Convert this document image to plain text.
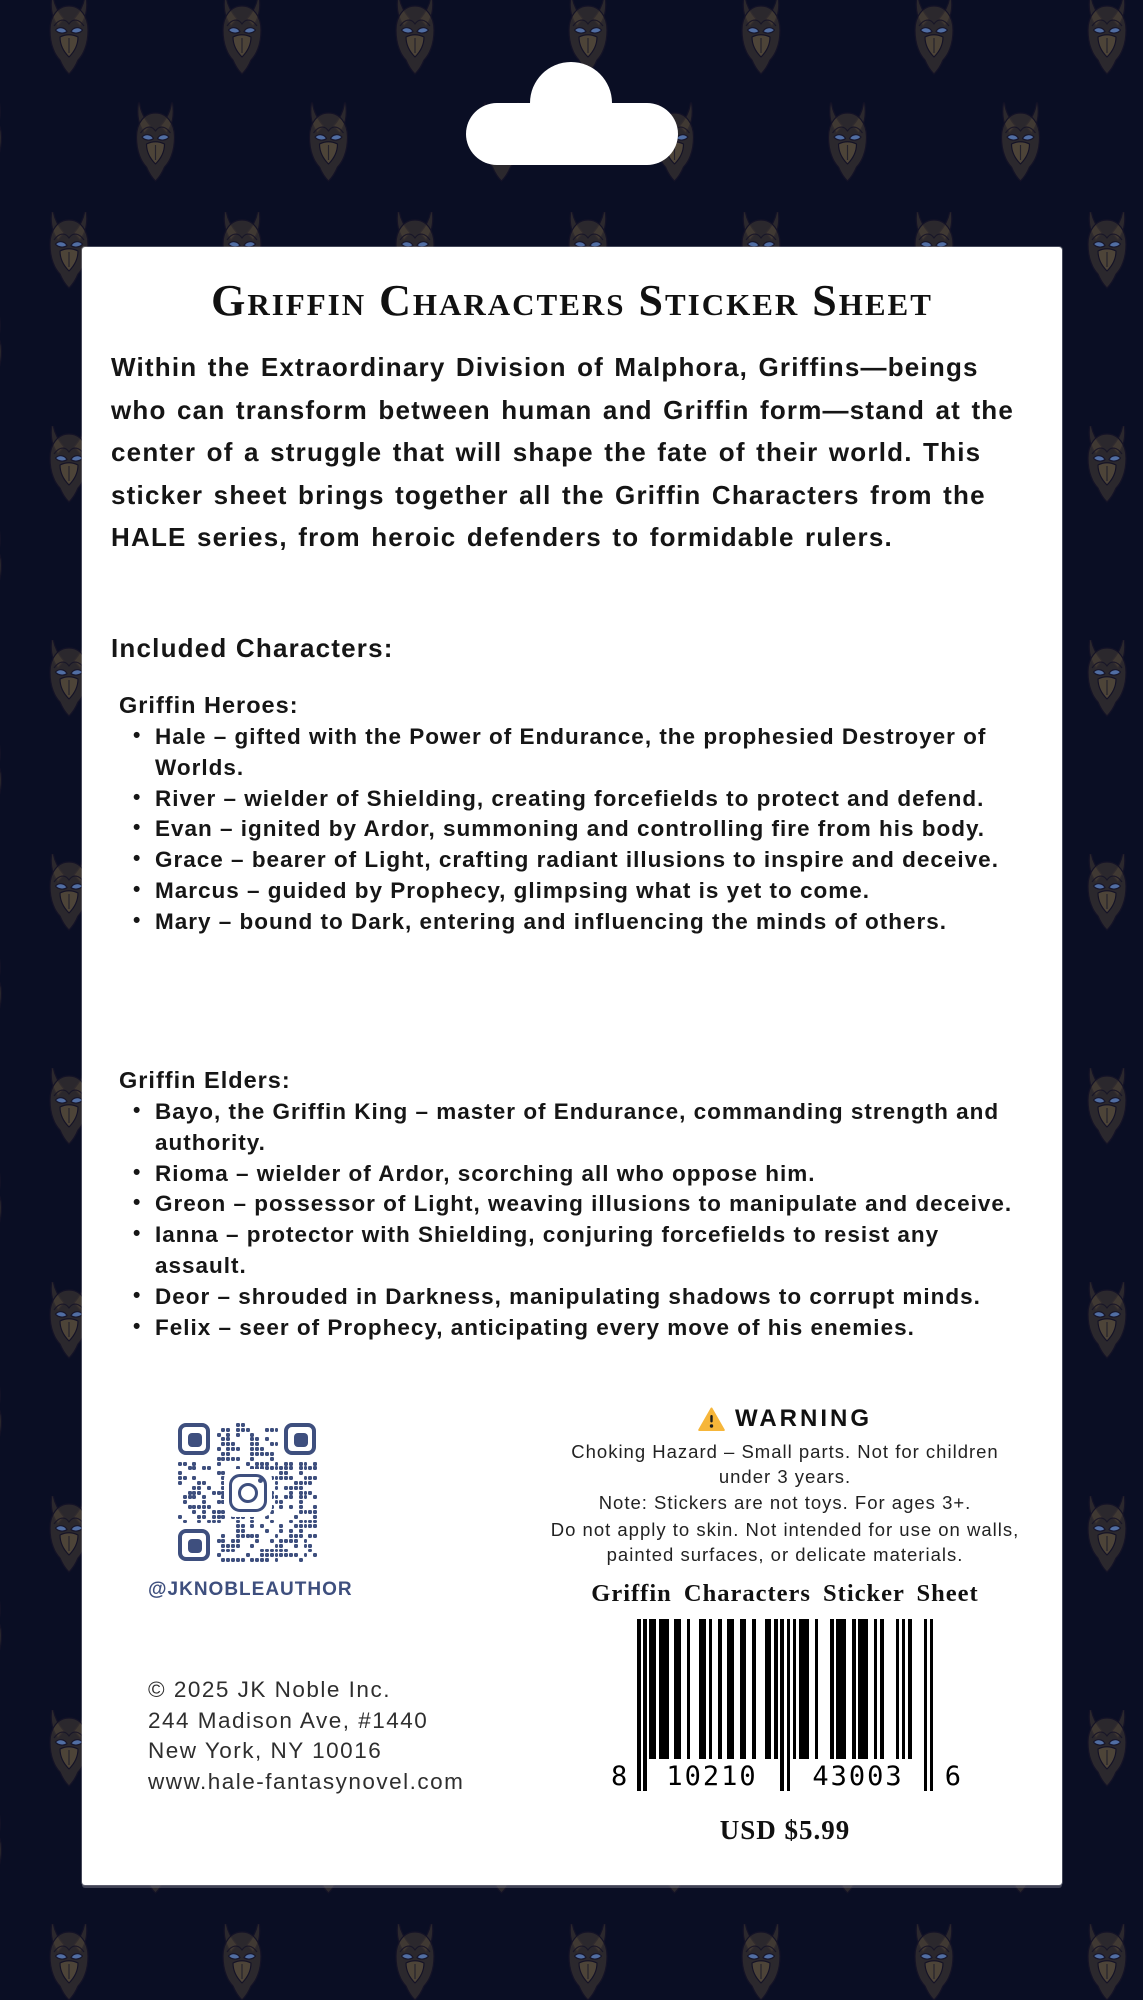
Griffin Characters Sticker Sheet

Within the Extraordinary Division of Malphora, Griffins—beings who can transform between human and Griffin form—stand at the center of a struggle that will shape the fate of their world. This sticker sheet brings together all the Griffin Characters from the HALE series, from heroic defenders to formidable rulers.

Included Characters:
Griffin Heroes:
• Hale – gifted with the Power of Endurance, the prophesied Destroyer of Worlds.
• River – wielder of Shielding, creating forcefields to protect and defend.
• Evan – ignited by Ardor, summoning and controlling fire from his body.
• Grace – bearer of Light, crafting radiant illusions to inspire and deceive.
• Marcus – guided by Prophecy, glimpsing what is yet to come.
• Mary – bound to Dark, entering and influencing the minds of others.
Griffin Elders:
• Bayo, the Griffin King – master of Endurance, commanding strength and authority.
• Rioma – wielder of Ardor, scorching all who oppose him.
• Greon – possessor of Light, weaving illusions to manipulate and deceive.
• Ianna – protector with Shielding, conjuring forcefields to resist any assault.
• Deor – shrouded in Darkness, manipulating shadows to corrupt minds.
• Felix – seer of Prophecy, anticipating every move of his enemies.
@JKNOBLEAUTHOR
WARNING
Choking Hazard – Small parts. Not for children under 3 years.
Note: Stickers are not toys. For ages 3+.
Do not apply to skin. Not intended for use on walls, painted surfaces, or delicate materials.
Griffin Characters Sticker Sheet
8	10210	43003	6
USD $5.99
© 2025 JK Noble Inc.
244 Madison Ave, #1440
New York, NY 10016
www.hale-fantasynovel.com
